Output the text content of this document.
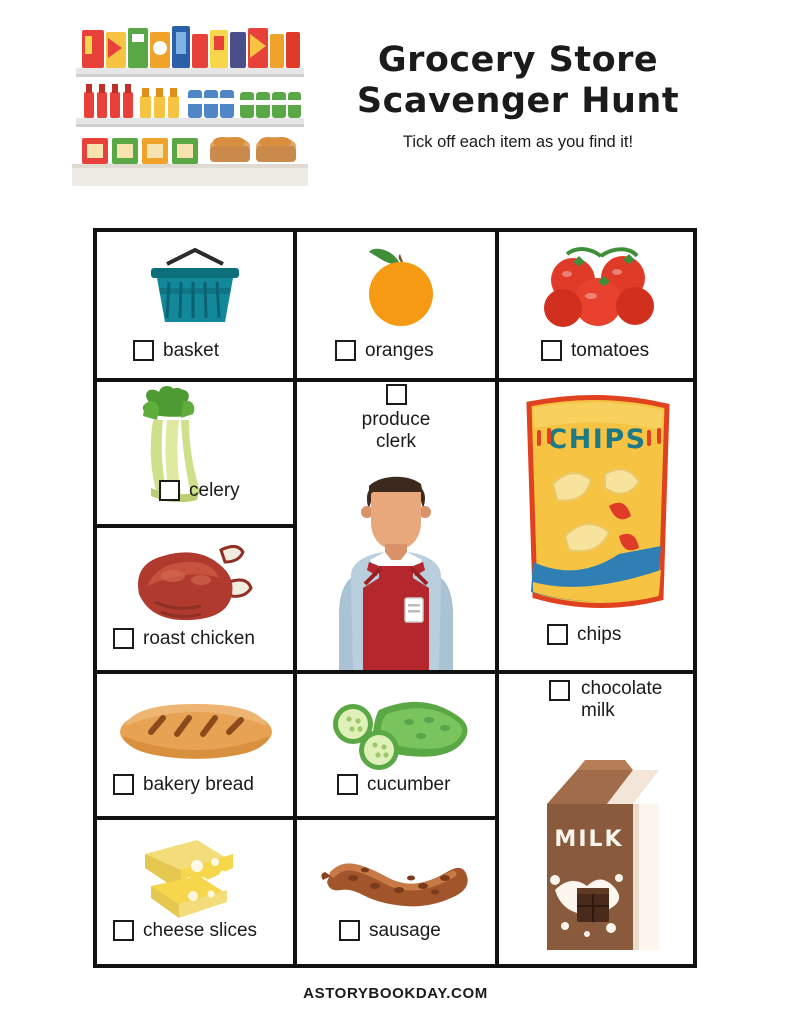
Grocery Store
Scavenger Hunt
Tick off each item as you find it!
basket	oranges	tomatoes
celery
produce clerk	CHIPS
chips
roast chicken
bakery bread	cucumber
chocolate milk
MILK
cheese slices	sausage
ASTORYBOOKDAY.COM
